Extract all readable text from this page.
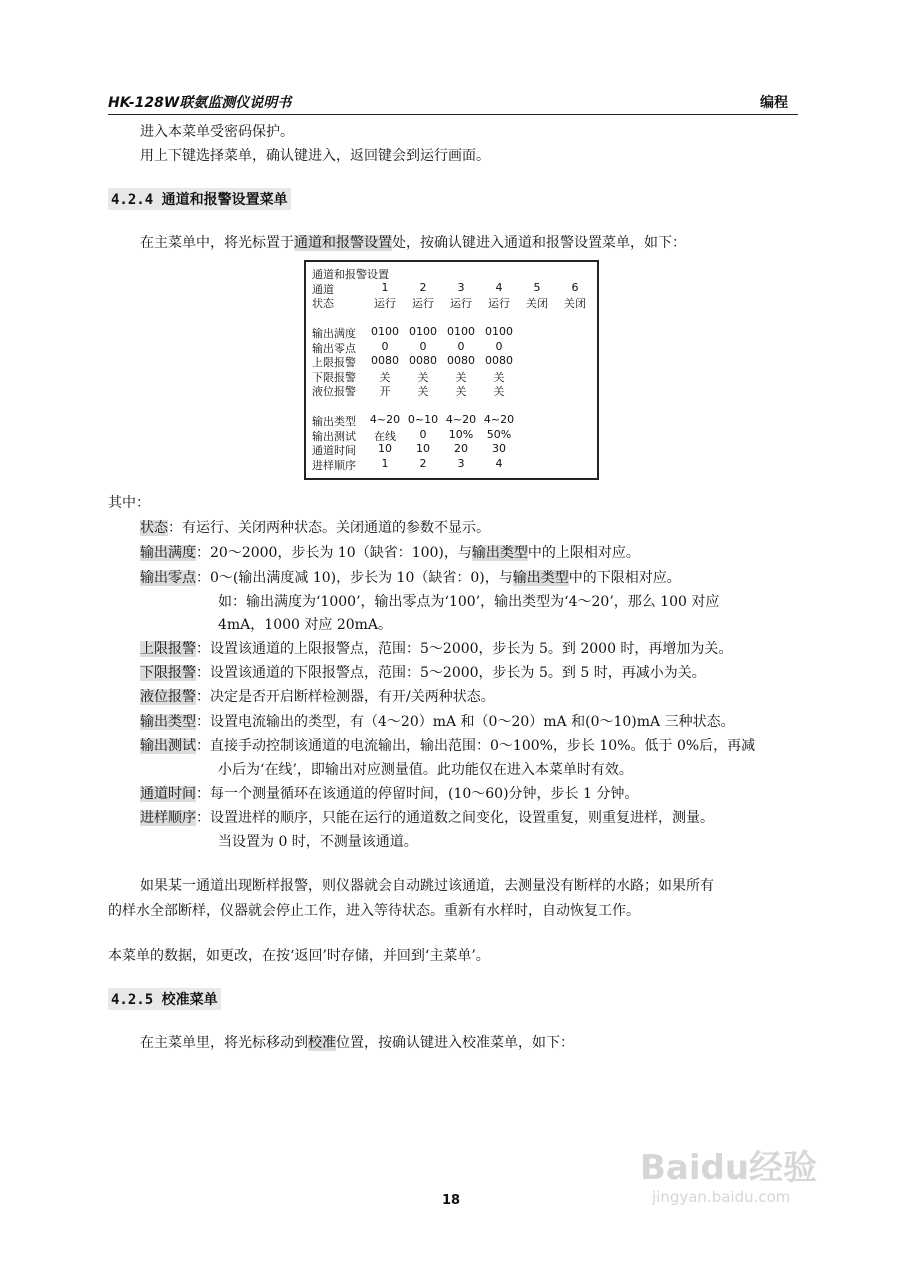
HK-128W联氨监测仪说明书	编程
进入本菜单受密码保护。
用上下键选择菜单，确认键进入，返回键会到运行画面。
4.2.4 通道和报警设置菜单
在主菜单中，将光标置于通道和报警设置处，按确认键进入通道和报警设置菜单，如下：
通道和报警设置
通道	1	2	3	4	5	6
状态	运行	运行	运行	运行	关闭	关闭
输出满度 0100 0100 0100 0100
输出零点	0	0	0	0
上限报警 0080 0080 0080 0080
下限报警	关	关	关	关
液位报警	开	关	关	关
输出类型 4~20 0~10 4~20 4~20
输出测试	在线	0	10%	50%
通道时间	10	10	20	30
进样顺序	1	2	3	4
其中：
状态：有运行、关闭两种状态。关闭通道的参数不显示。
输出满度：20～2000，步长为 10（缺省：100)，与输出类型中的上限相对应。
输出零点：0～(输出满度减 10)，步长为 10（缺省：0)，与输出类型中的下限相对应。
如：输出满度为‘1000’，输出零点为‘100’，输出类型为‘4～20’，那么 100 对应
4mA，1000 对应 20mA。
上限报警：设置该通道的上限报警点，范围：5～2000，步长为 5。到 2000 时，再增加为关。
下限报警：设置该通道的下限报警点，范围：5～2000，步长为 5。到 5 时，再减小为关。
液位报警：决定是否开启断样检测器，有开/关两种状态。
输出类型：设置电流输出的类型，有（4～20）mA 和（0～20）mA 和(0～10)mA 三种状态。
输出测试：直接手动控制该通道的电流输出，输出范围：0～100%，步长 10%。低于 0%后，再减
小后为‘在线’，即输出对应测量值。此功能仅在进入本菜单时有效。
通道时间：每一个测量循环在该通道的停留时间，(10～60)分钟，步长 1 分钟。
进样顺序：设置进样的顺序，只能在运行的通道数之间变化，设置重复，则重复进样，测量。
当设置为 0 时，不测量该通道。
如果某一通道出现断样报警，则仪器就会自动跳过该通道，去测量没有断样的水路；如果所有
的样水全部断样，仪器就会停止工作，进入等待状态。重新有水样时，自动恢复工作。
本菜单的数据，如更改，在按‘返回’时存储，并回到‘主菜单’。
4.2.5 校准菜单
在主菜单里，将光标移动到校准位置，按确认键进入校准菜单，如下：
18
Baidu经验
jingyan.baidu.com
